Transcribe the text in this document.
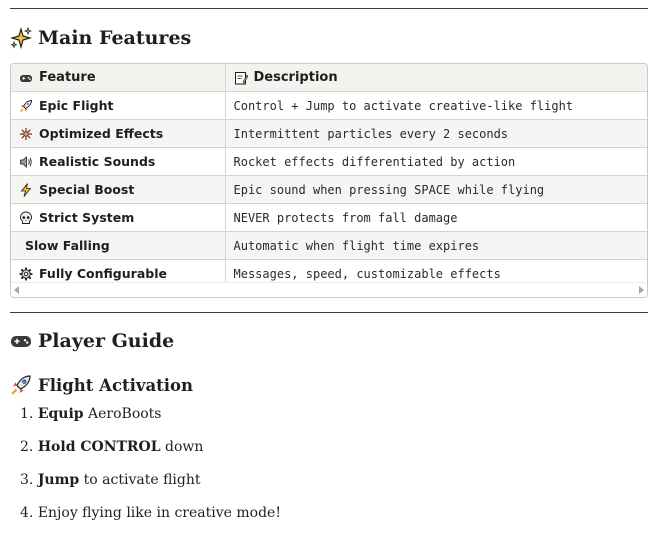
Main Features
Feature	Description

Epic Flight	Control + Jump to activate creative-like flight

Optimized Effects	Intermittent particles every 2 seconds

Realistic Sounds	Rocket effects differentiated by action

Special Boost	Epic sound when pressing SPACE while flying

Strict System	NEVER protects from fall damage

Slow Falling	Automatic when flight time expires

Fully Configurable	Messages, speed, customizable effects
Player Guide
Flight Activation
1. Equip AeroBoots
2. Hold CONTROL down
3. Jump to activate flight
4. Enjoy flying like in creative mode!
